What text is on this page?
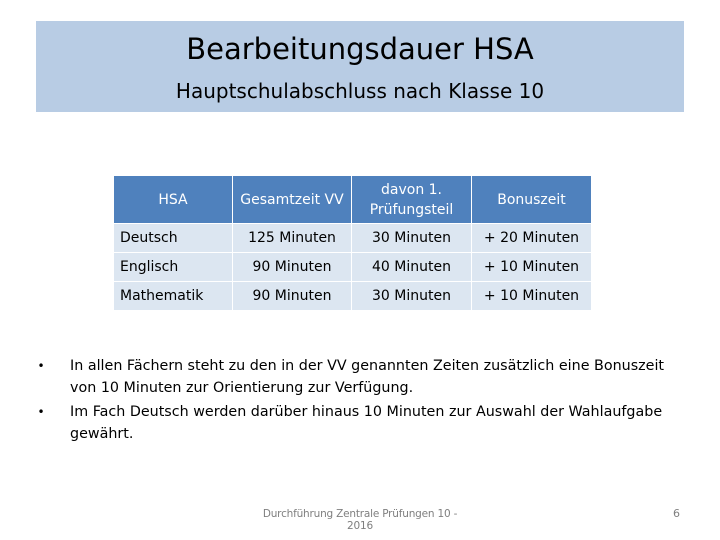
Bearbeitungsdauer HSA
Hauptschulabschluss nach Klasse 10
HSA	Gesamtzeit VV	davon 1. Prüfungsteil	Bonuszeit
Deutsch	125 Minuten	30 Minuten	+ 20 Minuten
Englisch	90 Minuten	40 Minuten	+ 10 Minuten
Mathematik	90 Minuten	30 Minuten	+ 10 Minuten
• In allen Fächern steht zu den in der VV genannten Zeiten zusätzlich eine Bonuszeit von 10 Minuten zur Orientierung zur Verfügung.
• Im Fach Deutsch werden darüber hinaus 10 Minuten zur Auswahl der Wahlaufgabe gewährt.
Durchführung Zentrale Prüfungen 10 - 2016
6
